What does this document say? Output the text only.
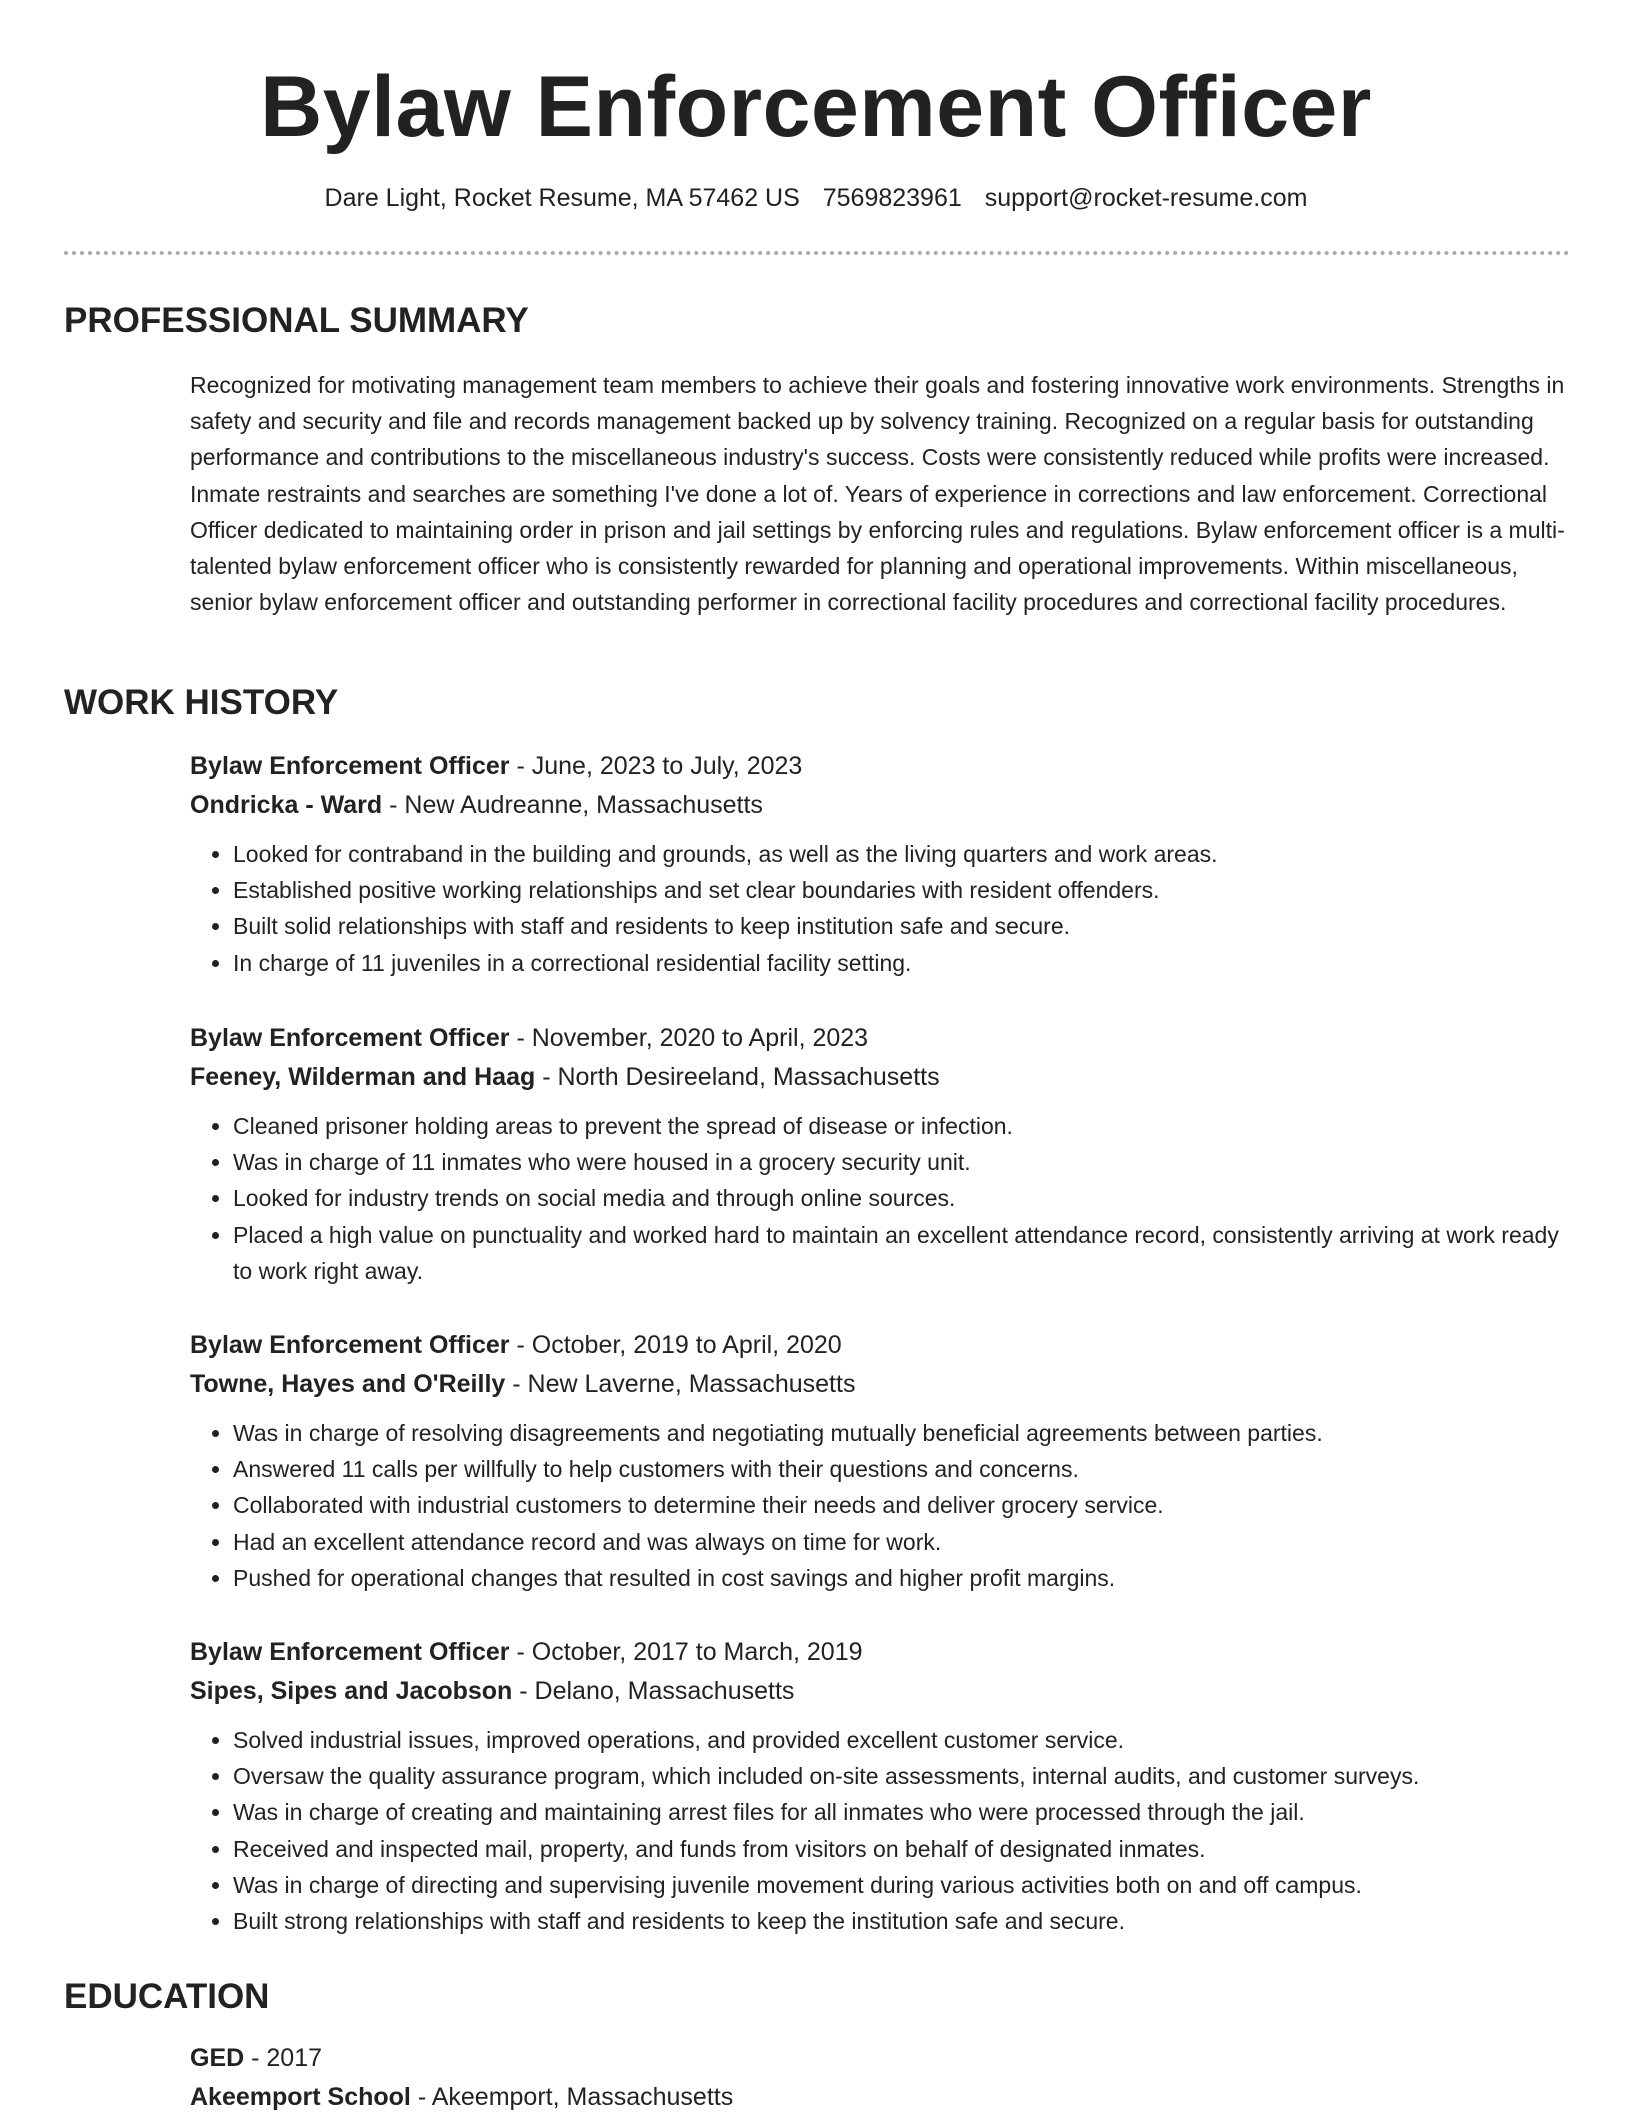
Bylaw Enforcement Officer
Dare Light, Rocket Resume, MA 57462 US 7569823961 support@rocket-resume.com
PROFESSIONAL SUMMARY

Recognized for motivating management team members to achieve their goals and fostering innovative work environments. Strengths in safety and security and file and records management backed up by solvency training. Recognized on a regular basis for outstanding performance and contributions to the miscellaneous industry's success. Costs were consistently reduced while profits were increased. Inmate restraints and searches are something I've done a lot of. Years of experience in corrections and law enforcement. Correctional Officer dedicated to maintaining order in prison and jail settings by enforcing rules and regulations. Bylaw enforcement officer is a multi-talented bylaw enforcement officer who is consistently rewarded for planning and operational improvements. Within miscellaneous, senior bylaw enforcement officer and outstanding performer in correctional facility procedures and correctional facility procedures.

WORK HISTORY

Bylaw Enforcement Officer - June, 2023 to July, 2023

Ondricka - Ward - New Audreanne, Massachusetts

• Looked for contraband in the building and grounds, as well as the living quarters and work areas.
• Established positive working relationships and set clear boundaries with resident offenders.
• Built solid relationships with staff and residents to keep institution safe and secure.
• In charge of 11 juveniles in a correctional residential facility setting.

Bylaw Enforcement Officer - November, 2020 to April, 2023

Feeney, Wilderman and Haag - North Desireeland, Massachusetts

• Cleaned prisoner holding areas to prevent the spread of disease or infection.
• Was in charge of 11 inmates who were housed in a grocery security unit.
• Looked for industry trends on social media and through online sources.
• Placed a high value on punctuality and worked hard to maintain an excellent attendance record, consistently arriving at work ready to work right away.

Bylaw Enforcement Officer - October, 2019 to April, 2020

Towne, Hayes and O'Reilly - New Laverne, Massachusetts

• Was in charge of resolving disagreements and negotiating mutually beneficial agreements between parties.
• Answered 11 calls per willfully to help customers with their questions and concerns.
• Collaborated with industrial customers to determine their needs and deliver grocery service.
• Had an excellent attendance record and was always on time for work.
• Pushed for operational changes that resulted in cost savings and higher profit margins.

Bylaw Enforcement Officer - October, 2017 to March, 2019

Sipes, Sipes and Jacobson - Delano, Massachusetts

• Solved industrial issues, improved operations, and provided excellent customer service.
• Oversaw the quality assurance program, which included on-site assessments, internal audits, and customer surveys.
• Was in charge of creating and maintaining arrest files for all inmates who were processed through the jail.
• Received and inspected mail, property, and funds from visitors on behalf of designated inmates.
• Was in charge of directing and supervising juvenile movement during various activities both on and off campus.
• Built strong relationships with staff and residents to keep the institution safe and secure.
EDUCATION

GED - 2017

Akeemport School - Akeemport, Massachusetts
